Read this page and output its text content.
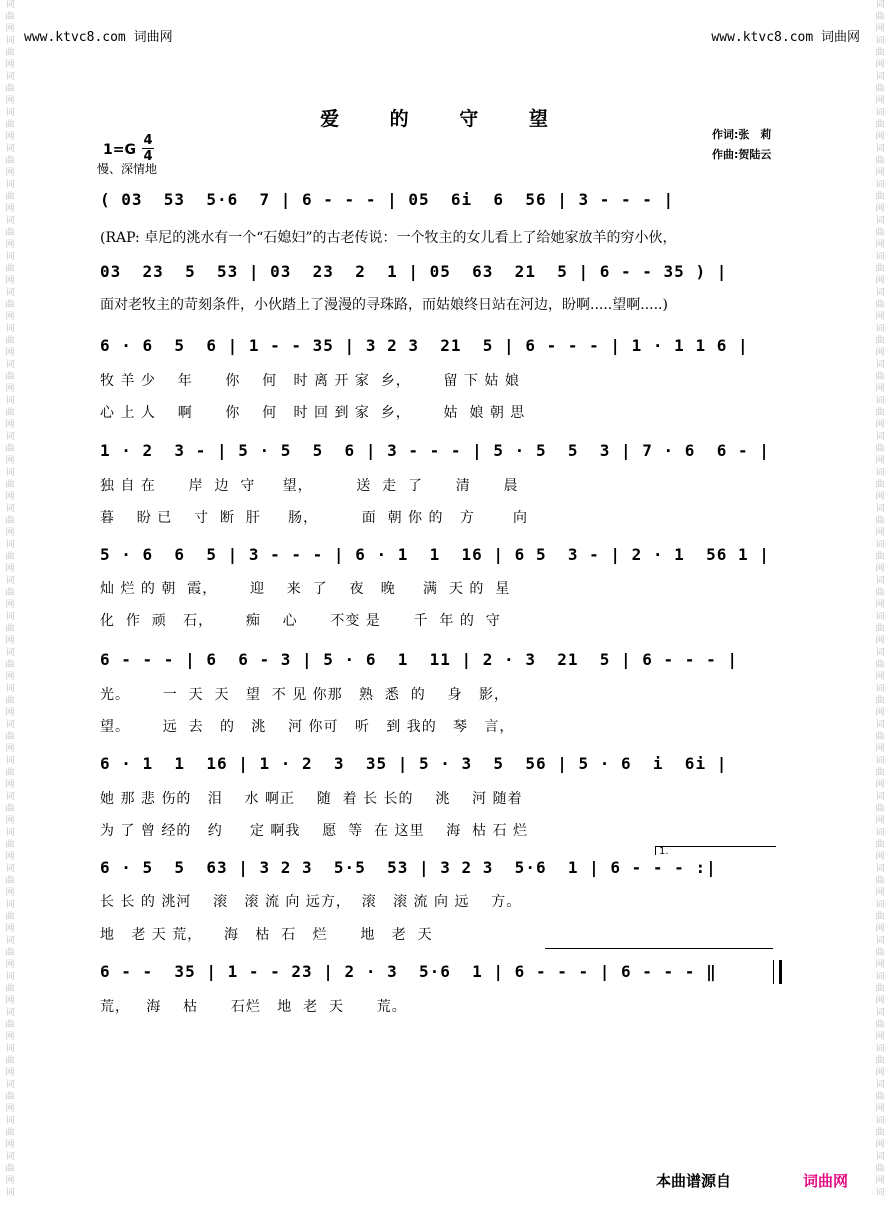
词
曲
网
词
曲
网
词
曲
网
词
曲
网
词
曲
网
词
曲
网
词
曲
网
词
曲
网
词
曲
网
词
曲
网
词
曲
网
词
曲
网
词
曲
网
词
曲
网
词
曲
网
词
曲
网
词
曲
网
词
曲
网
词
曲
网
词
曲
网
词
曲
网
词
曲
网
词
曲
网
词
曲
网
词
曲
网
词
曲
网
词
曲
网
词
曲
网
词
曲
网
词
曲
网
词
曲
网
词
曲
网
词
曲
网
词
词
曲
网
词
曲
网
词
曲
网
词
曲
网
词
曲
网
词
曲
网
词
曲
网
词
曲
网
词
曲
网
词
曲
网
词
曲
网
词
曲
网
词
曲
网
词
曲
网
词
曲
网
词
曲
网
词
曲
网
词
曲
网
词
曲
网
词
曲
网
词
曲
网
词
曲
网
词
曲
网
词
曲
网
词
曲
网
词
曲
网
词
曲
网
词
曲
网
词
曲
网
词
曲
网
词
曲
网
词
曲
网
词
曲
网
词
www.ktvc8.com 词曲网	www.ktvc8.com 词曲网
爱 的 守 望
1=G
4
4
慢、深情地
作词:张　莉
作曲:贺陆云
( 03  53  5·6  7 | 6 - - - | 05  6i  6  56 | 3 - - - |
(RAP: 卓尼的洮水有一个“石媳妇”的古老传说：一个牧主的女儿看上了给她家放羊的穷小伙，
03  23  5  53 | 03  23  2  1 | 05  63  21  5 | 6 - - 35 ) |
面对老牧主的苛刻条件，小伙踏上了漫漫的寻珠路，而姑娘终日站在河边，盼啊.....望啊.....)
6 · 6  5  6 | 1 - - 35 | 3 2 3  21  5 | 6 - - - | 1 · 1 1 6 |
牧 羊 少    年      你    何   时 离 开 家  乡，      留 下 姑 娘
心 上 人    啊      你    何   时 回 到 家  乡，      姑  娘 朝 思
1 · 2  3 - | 5 · 5  5  6 | 3 - - - | 5 · 5  5  3 | 7 · 6  6 - |
独 自 在      岸  边  守     望，        送  走  了      清      晨
暮    盼 已    寸  断  肝     肠，        面  朝 你 的   方       向
5 · 6  6  5 | 3 - - - | 6 · 1  1  16 | 6 5  3 - | 2 · 1  56 1 |
灿 烂 的 朝  霞，      迎    来  了    夜   晚     满  天 的  星
化  作  顽   石，      痴    心      不变 是      千  年 的  守
6 - - - | 6  6 - 3 | 5 · 6  1  11 | 2 · 3  21  5 | 6 - - - |
光。      一  天  天   望  不 见 你那   熟  悉  的    身   影，
望。      远  去   的   洮    河 你可   听   到 我的   琴   言，
6 · 1  1  16 | 1 · 2  3  35 | 5 · 3  5  56 | 5 · 6  i  6i |
她 那 悲 伤的   泪    水 啊正    随  着 长 长的    洮    河 随着
为 了 曾 经的   约     定 啊我    愿  等  在 这里    海  枯 石 烂
6 · 5  5  63 | 3 2 3  5·5  53 | 3 2 3  5·6  1 | 6 - - - :|
长 长 的 洮河    滚   滚 流 向 远方，  滚   滚 流 向 远    方。
地   老 天 荒，    海   枯  石   烂      地   老  天
6 - -  35 | 1 - - 23 | 2 · 3  5·6  1 | 6 - - - | 6 - - - ‖
荒，   海    枯      石烂   地  老  天      荒。
1.
本曲谱源自	词曲网
